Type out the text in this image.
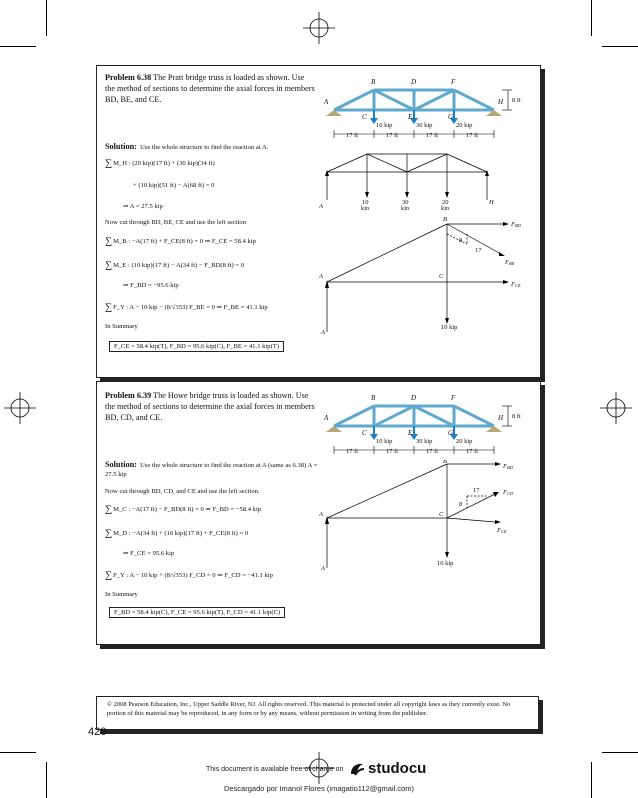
Problem 6.38 The Pratt bridge truss is loaded as shown. Use the method of sections to determine the axial forces in members BD, BE, and CE.
B	D	F
A	H
C	E	G
10 kip	30 kip	20 kip
8 ft
17 ft	17 ft	17 ft	17 ft
Solution: Use the whole structure to find the reaction at A.
∑M_H : (20 kip)(17 ft) + (30 kip)(34 ft)
+ (10 kip)(51 ft) − A(68 ft) = 0
⇒ A = 27.5 kip
Now cut through BD, BE, CE and use the left section
∑M_B : −A(17 ft) + F_CE(8 ft) = 0 ⇒ F_CE = 58.4 kip
∑M_E : (10 kip)(17 ft) − A(34 ft) − F_BD(8 ft) = 0
⇒ F_BD = −95.6 kip
∑F_Y : A − 10 kip − (8/√353) F_BE = 0 ⇒ F_BE = 41.1 kip
In Summary
F_CE = 58.4 kip(T), F_BD = 95.6 kip(C), F_BE = 41.1 kip(T)
10
kip
30
kip
20
kip
A
H
B
C
A
A
FBD
FBE
FCE
8
17
10 kip
Problem 6.39 The Howe bridge truss is loaded as shown. Use the method of sections to determine the axial forces in members BD, CD, and CE.
B	D	F
A	H
C	E	G
10 kip	30 kip	20 kip
8 ft
17 ft	17 ft	17 ft	17 ft
Solution: Use the whole structure to find the reaction at A (same as 6.38) A = 27.5 kip
Now cut through BD, CD, and CE and use the left section.
∑M_C : −A(17 ft) − F_BD(8 ft) = 0 ⇒ F_BD = −58.4 kip
∑M_D : −A(34 ft) + (10 kip)(17 ft) + F_CE(8 ft) = 0
⇒ F_CE = 95.6 kip
∑F_Y : A − 10 kip + (8/√353) F_CD = 0 ⇒ F_CD = −41.1 kip
In Summary
F_BD = 58.4 kip(C), F_CE = 95.6 kip(T), F_CD = 41.1 kip(C)
B
C
A
A
FBD
FCD
FCE
8
17
10 kip
© 2008 Pearson Education, Inc., Upper Saddle River, NJ. All rights reserved. This material is protected under all copyright laws as they currently exist. No portion of this material may be reproduced, in any form or by any means, without permission in writing from the publisher.
420
This document is available free of charge on studocu
Descargado por Imanol Flores (imagatio112@gmail.com)
